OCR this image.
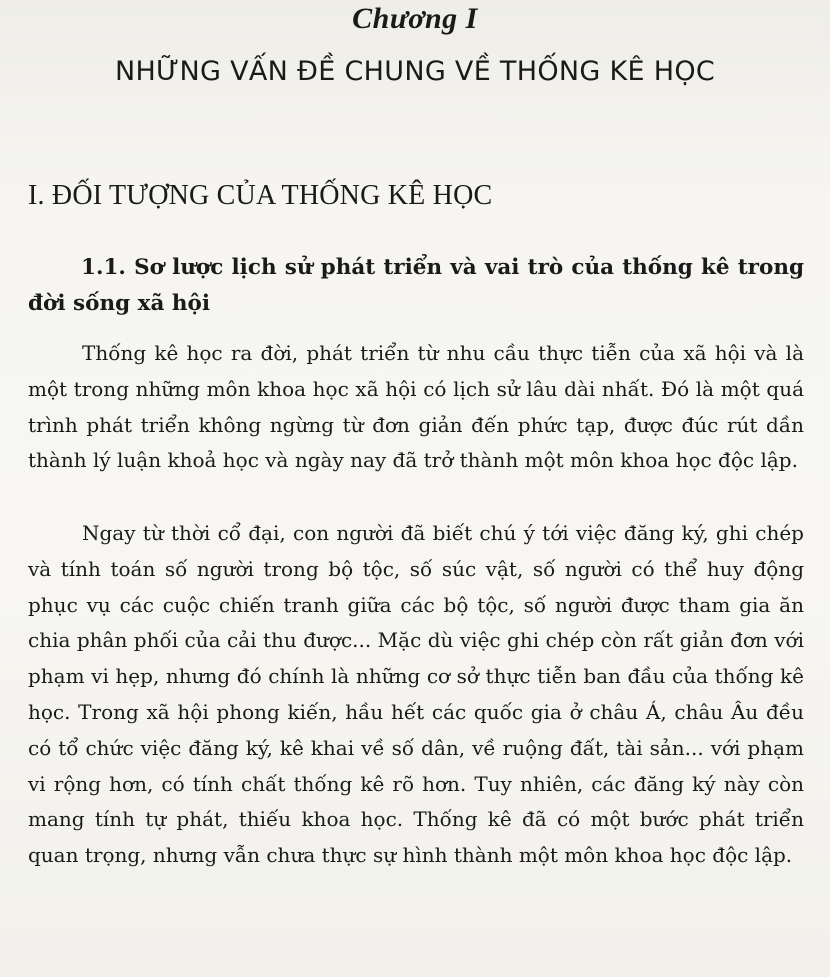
Chương I
NHỮNG VẤN ĐỀ CHUNG VỀ THỐNG KÊ HỌC
I. ĐỐI TƯỢNG CỦA THỐNG KÊ HỌC
1.1. Sơ lược lịch sử phát triển và vai trò của thống kê trong đời sống xã hội

Thống kê học ra đời, phát triển từ nhu cầu thực tiễn của xã hội và là một trong những môn khoa học xã hội có lịch sử lâu dài nhất. Đó là một quá trình phát triển không ngừng từ đơn giản đến phức tạp, được đúc rút dần thành lý luận khoả học và ngày nay đã trở thành một môn khoa học độc lập.

Ngay từ thời cổ đại, con người đã biết chú ý tới việc đăng ký, ghi chép và tính toán số người trong bộ tộc, số súc vật, số người có thể huy động phục vụ các cuộc chiến tranh giữa các bộ tộc, số người được tham gia ăn chia phân phối của cải thu được... Mặc dù việc ghi chép còn rất giản đơn với phạm vi hẹp, nhưng đó chính là những cơ sở thực tiễn ban đầu của thống kê học. Trong xã hội phong kiến, hầu hết các quốc gia ở châu Á, châu Âu đều có tổ chức việc đăng ký, kê khai về số dân, về ruộng đất, tài sản... với phạm vi rộng hơn, có tính chất thống kê rõ hơn. Tuy nhiên, các đăng ký này còn mang tính tự phát, thiếu khoa học. Thống kê đã có một bước phát triển quan trọng, nhưng vẫn chưa thực sự hình thành một môn khoa học độc lập.
